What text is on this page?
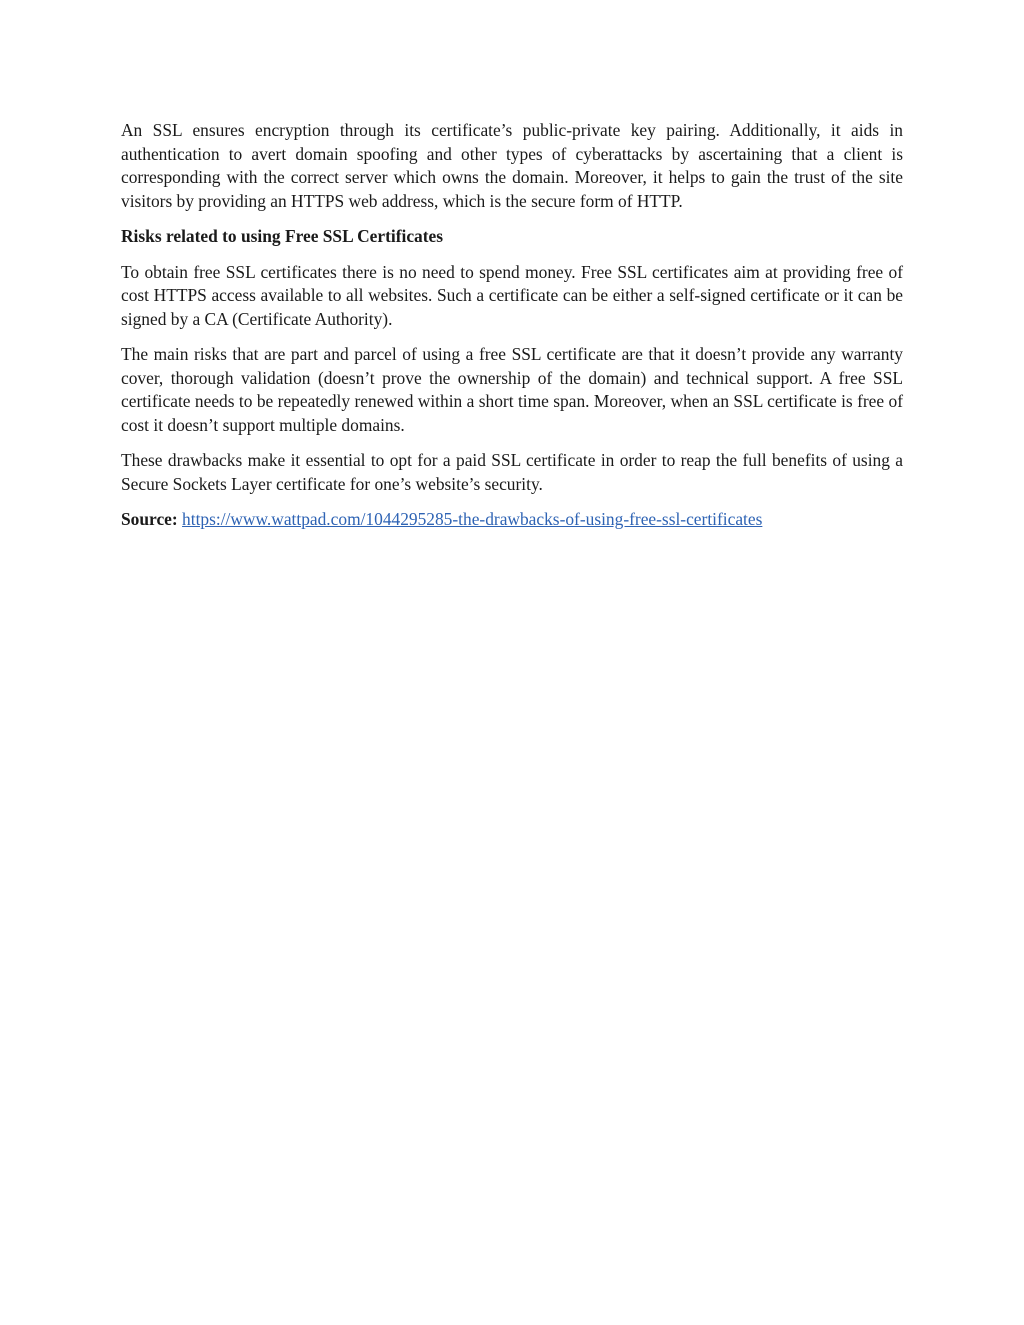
An SSL ensures encryption through its certificate’s public-private key pairing. Additionally, it aids in authentication to avert domain spoofing and other types of cyberattacks by ascertaining that a client is corresponding with the correct server which owns the domain. Moreover, it helps to gain the trust of the site visitors by providing an HTTPS web address, which is the secure form of HTTP.

Risks related to using Free SSL Certificates

To obtain free SSL certificates there is no need to spend money. Free SSL certificates aim at providing free of cost HTTPS access available to all websites. Such a certificate can be either a self-signed certificate or it can be signed by a CA (Certificate Authority).

The main risks that are part and parcel of using a free SSL certificate are that it doesn’t provide any warranty cover, thorough validation (doesn’t prove the ownership of the domain) and technical support. A free SSL certificate needs to be repeatedly renewed within a short time span. Moreover, when an SSL certificate is free of cost it doesn’t support multiple domains.

These drawbacks make it essential to opt for a paid SSL certificate in order to reap the full benefits of using a Secure Sockets Layer certificate for one’s website’s security.

Source: https://www.wattpad.com/1044295285-the-drawbacks-of-using-free-ssl-certificates
